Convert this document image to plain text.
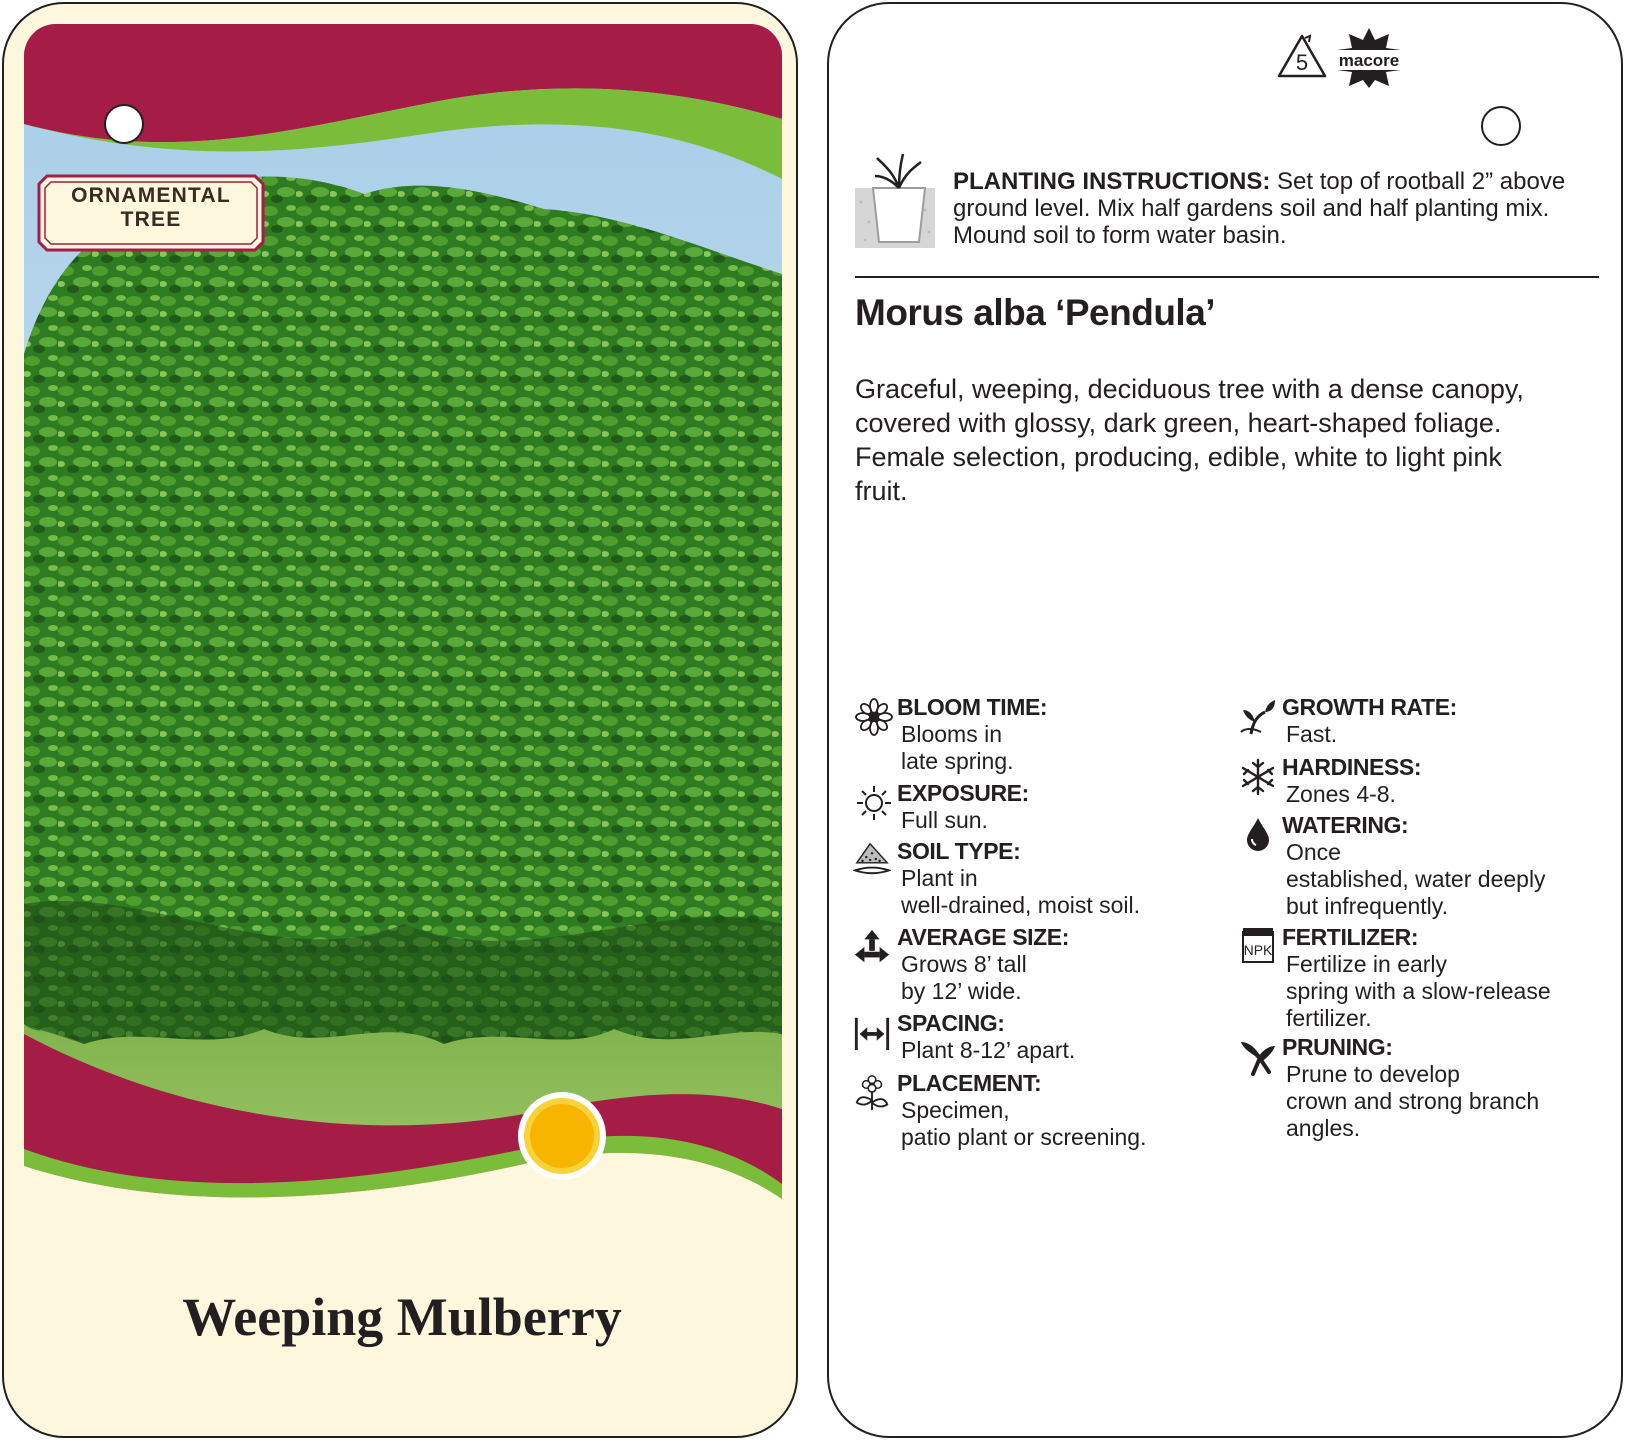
ORNAMENTAL
TREE
Weeping Mulberry
5 macore
PLANTING INSTRUCTIONS: Set top of rootball 2” above
ground level. Mix half gardens soil and half planting mix.
Mound soil to form water basin.
Morus alba ‘Pendula’
Graceful, weeping, deciduous tree with a dense canopy,
covered with glossy, dark green, heart-shaped foliage.
Female selection, producing, edible, white to light pink
fruit.
BLOOM TIME:
Blooms in
late spring.
EXPOSURE:
Full sun.
SOIL TYPE:
Plant in
well-drained, moist soil.
AVERAGE SIZE:
Grows 8’ tall
by 12’ wide.
SPACING:
Plant 8-12’ apart.
PLACEMENT:
Specimen,
patio plant or screening.
GROWTH RATE:
Fast.
HARDINESS:
Zones 4-8.
WATERING:
Once
established, water deeply
but infrequently.
NPK FERTILIZER:
Fertilize in early
spring with a slow-release
fertilizer.
PRUNING:
Prune to develop
crown and strong branch
angles.
